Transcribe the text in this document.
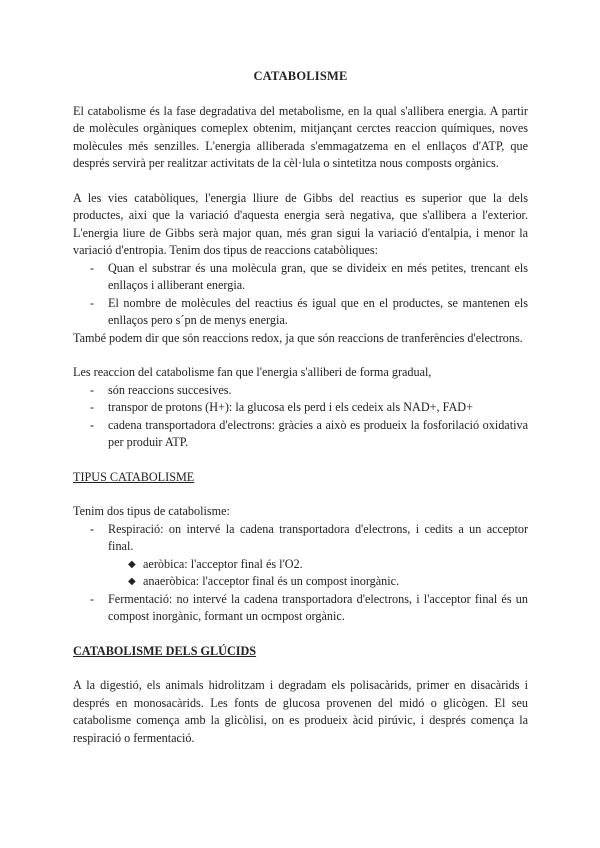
CATABOLISME

El catabolisme és la fase degradativa del metabolisme, en la qual s'allibera energia. A partir de molècules orgàniques comeplex obtenim, mitjançant cerctes reaccion químiques, noves molècules més senzilles. L'energia alliberada s'emmagatzema en el enllaços d'ATP, que després servirà per realitzar activitats de la cèl·lula o sintetitza nous composts orgànics.

A les vies catabòliques, l'energia lliure de Gibbs del reactius es superior que la dels productes, aixi que la variació d'aquesta energia serà negativa, que s'allibera a l'exterior. L'energia liure de Gibbs serà major quan, més gran sigui la variació d'entalpia, i menor la variació d'entropia. Tenim dos tipus de reaccions catabòliques:

- Quan el substrar és una molècula gran, que se divideix en més petites, trencant els enllaços i alliberant energia.
- El nombre de molècules del reactius és igual que en el productes, se mantenen els enllaços pero s´pn de menys energia.

També podem dir que són reaccions redox, ja que són reaccions de tranferències d'electrons.

Les reaccion del catabolisme fan que l'energia s'alliberi de forma gradual,

- són reaccions succesives.
- transpor de protons (H+): la glucosa els perd i els cedeix als NAD+, FAD+
- cadena transportadora d'electrons: gràcies a això es produeix la fosforilació oxidativa per produir ATP.

TIPUS CATABOLISME

Tenim dos tipus de catabolisme:

- Respiració: on intervé la cadena transportadora d'electrons, i cedits a un acceptor final.
◆ aeròbica: l'acceptor final és l'O2.
◆ anaeròbica: l'acceptor final és un compost inorgànic.
- Fermentació: no intervé la cadena transportadora d'electrons, i l'acceptor final és un compost inorgànic, formant un ocmpost orgànic.

CATABOLISME DELS GLÚCIDS

A la digestió, els animals hidrolitzam i degradam els polisacàrids, primer en disacàrids i després en monosacàrids. Les fonts de glucosa provenen del midó o glicògen. El seu catabolisme comença amb la glicòlisi, on es produeix àcid pirúvic, i després comença la respiració o fermentació.
